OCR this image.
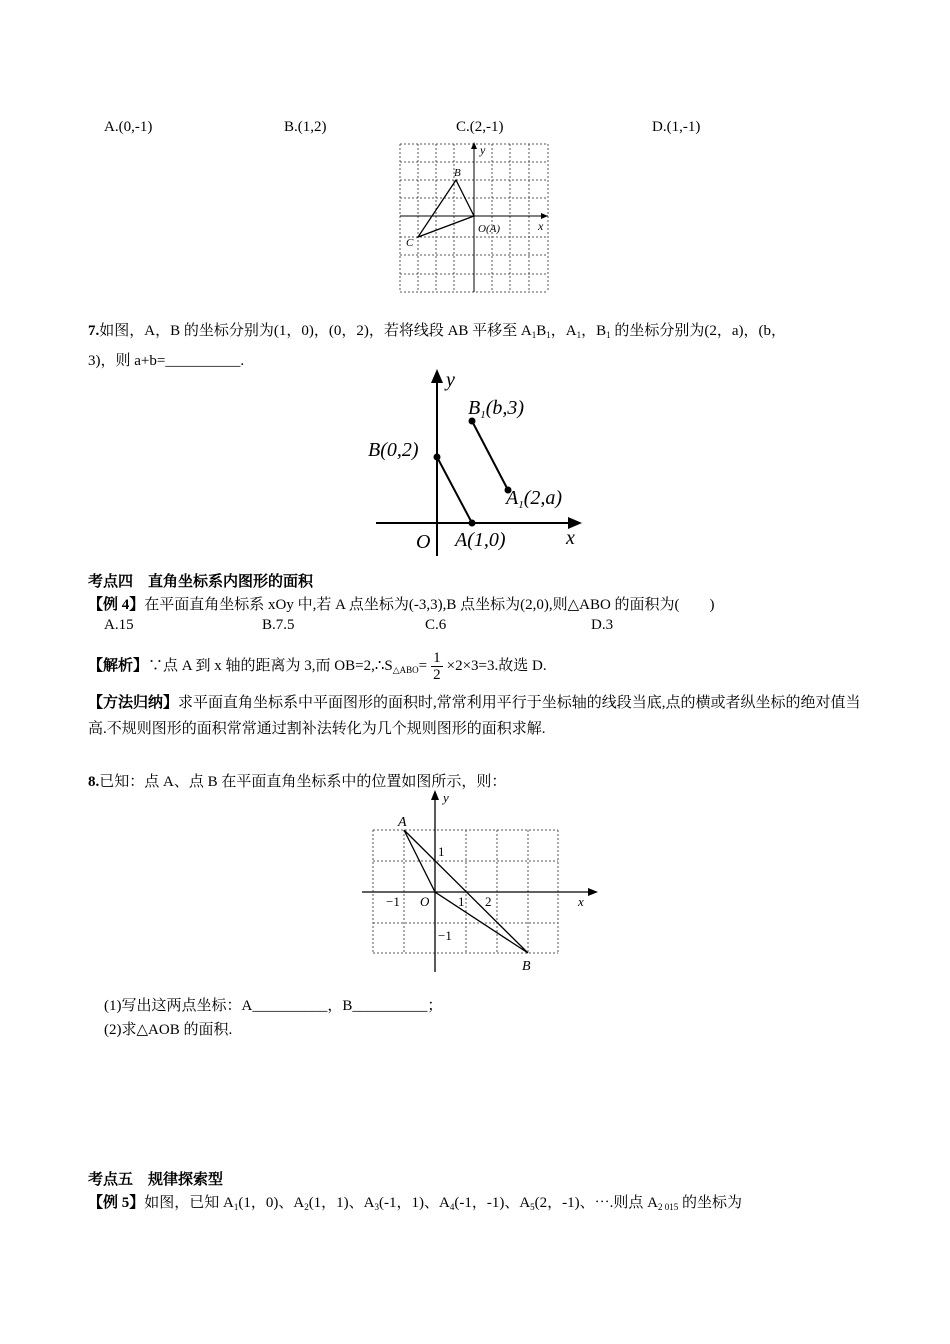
A.(0,-1)	B.(1,2)	C.(2,-1)	D.(1,-1)
y
x
B
C
O(A)
7.如图，A，B 的坐标分别为(1，0)，(0，2)，若将线段 AB 平移至 $A_1B_1$，$A_1$，$B_1$ 的坐标分别为(2，a)，(b，
3)，则 a+b=__________.
y
x
O
B(0,2)
A(1,0)
$B_1(b,3)$
$A_1(2,a)$
考点四　直角坐标系内图形的面积
【例 4】在平面直角坐标系 xOy 中,若 A 点坐标为(-3,3),B 点坐标为(2,0),则△ABO 的面积为(　　)
A.15	B.7.5	C.6	D.3
【解析】∵点 A 到 x 轴的距离为 3,而 $OB=2,\therefore S_{\triangle ABO}= \frac{1}{2} \times 2\times 3=3$.故选 D.
【方法归纳】求平面直角坐标系中平面图形的面积时,常常利用平行于坐标轴的线段当底,点的横或者纵坐标的绝对值当高.不规则图形的面积常常通过割补法转化为几个规则图形的面积求解.
8.已知：点 A、点 B 在平面直角坐标系中的位置如图所示，则：
y
x
A
B
O
1
−1	1 2
−1
(1)写出这两点坐标：A__________，B__________；
(2)求△AOB 的面积.
考点五　规律探索型
【例 5】如图，已知 $A_1(1$，0)、$A_2(1$，1)、$A_3(-1$，1)、$A_4(-1$，-1)、$A_5(2$，-1)、⋯.则点 $A_{2 015}$ 的坐标为
